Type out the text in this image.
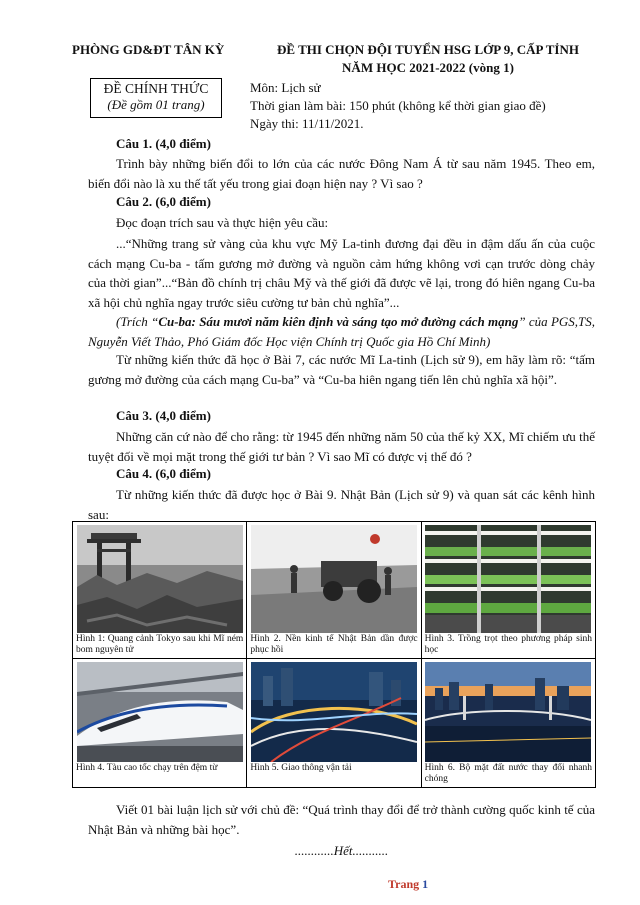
PHÒNG GD&ĐT TÂN KỲ	ĐỀ THI CHỌN ĐỘI TUYỂN HSG LỚP 9, CẤP TỈNH
NĂM HỌC 2021-2022 (vòng 1)
ĐỀ CHÍNH THỨC
(Đề gồm 01 trang)
Môn: Lịch sử
Thời gian làm bài: 150 phút (không kể thời gian giao đề)
Ngày thi: 11/11/2021.
Câu 1. (4,0 điểm)

Trình bày những biến đổi to lớn của các nước Đông Nam Á từ sau năm 1945. Theo em, biến đổi nào là xu thế tất yếu trong giai đoạn hiện nay ? Vì sao ?

Câu 2. (6,0 điểm)

Đọc đoạn trích sau và thực hiện yêu cầu:

...“Những trang sử vàng của khu vực Mỹ La-tinh đương đại đều in đậm dấu ấn của cuộc cách mạng Cu-ba - tấm gương mở đường và nguồn cảm hứng không vơi cạn trước dòng chảy của thời gian”...“Bản đồ chính trị châu Mỹ và thế giới đã được vẽ lại, trong đó hiên ngang Cu-ba xã hội chủ nghĩa ngay trước siêu cường tư bản chủ nghĩa”...

(Trích “Cu-ba: Sáu mươi năm kiên định và sáng tạo mở đường cách mạng” của PGS,TS, Nguyễn Viết Thảo, Phó Giám đốc Học viện Chính trị Quốc gia Hồ Chí Minh)

Từ những kiến thức đã học ở Bài 7, các nước Mĩ La-tinh (Lịch sử 9), em hãy làm rõ: “tấm gương mở đường của cách mạng Cu-ba” và “Cu-ba hiên ngang tiến lên chủ nghĩa xã hội”.

Câu 3. (4,0 điểm)

Những căn cứ nào để cho rằng: từ 1945 đến những năm 50 của thế kỷ XX, Mĩ chiếm ưu thế tuyệt đối về mọi mặt trong thế giới tư bản ? Vì sao Mĩ có được vị thế đó ?

Câu 4. (6,0 điểm)

Từ những kiến thức đã được học ở Bài 9. Nhật Bản (Lịch sử 9) và quan sát các kênh hình sau:

Hình 1: Quang cảnh Tokyo sau khi Mĩ ném bom nguyên tử	Hình 2. Nền kinh tế Nhật Bản dần được phục hồi	Hình 3. Trồng trọt theo phương pháp sinh học

Hình 4. Tàu cao tốc chạy trên đệm từ	Hình 5. Giao thông vận tải	Hình 6. Bộ mặt đất nước thay đổi nhanh chóng

Viết 01 bài luận lịch sử với chủ đề: “Quá trình thay đổi để trở thành cường quốc kinh tế của Nhật Bản và những bài học”.

............Hết...........
Trang 1
